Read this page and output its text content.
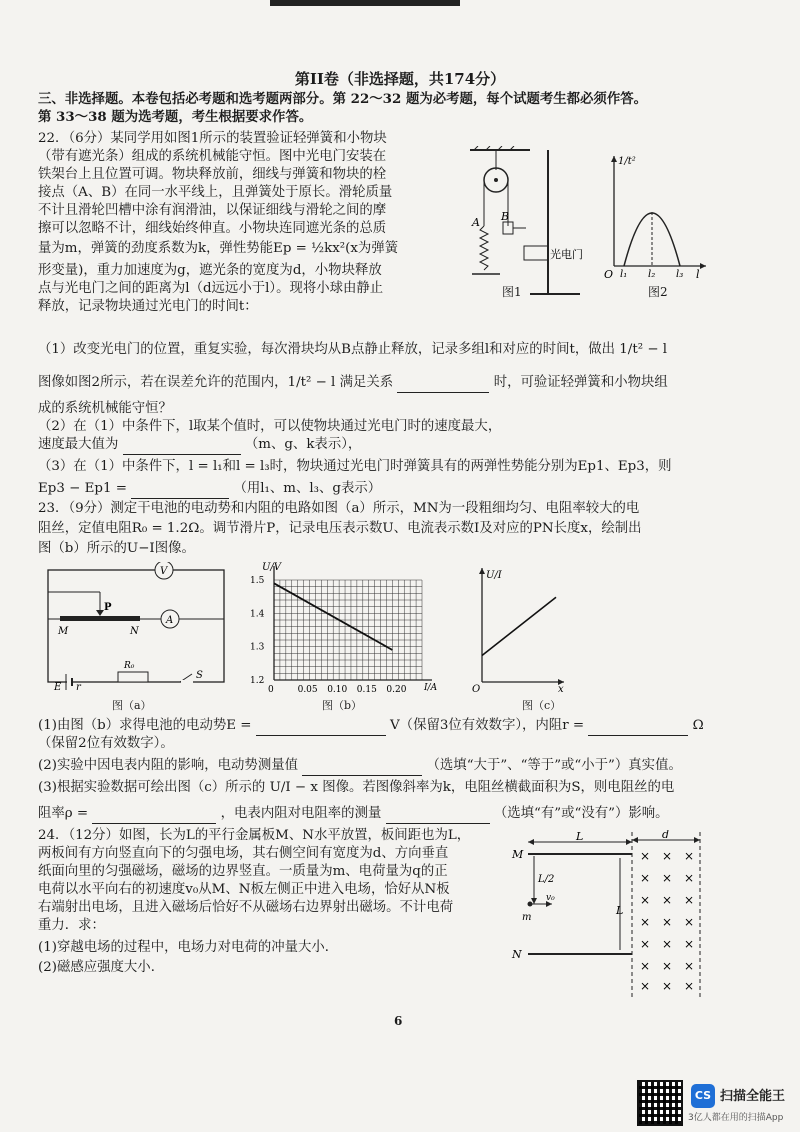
第II卷（非选择题，共174分）
三、非选择题。本卷包括必考题和选考题两部分。第 22～32 题为必考题，每个试题考生都必须作答。
第 33～38 题为选考题，考生根据要求作答。
22．（6分）某同学用如图1所示的装置验证轻弹簧和小物块
（带有遮光条）组成的系统机械能守恒。图中光电门安装在
铁架台上且位置可调。物块释放前，细线与弹簧和物块的栓
接点（A、B）在同一水平线上，且弹簧处于原长。滑轮质量
不计且滑轮凹槽中涂有润滑油，以保证细线与滑轮之间的摩
擦可以忽略不计，细线始终伸直。小物块连同遮光条的总质
量为m，弹簧的劲度系数为k，弹性势能Ep = ½kx²(x为弹簧
形变量)，重力加速度为g，遮光条的宽度为d，小物块释放
点与光电门之间的距离为l（d远远小于l）。现将小球由静止
释放，记录物块通过光电门的时间t：
A B
光电门
图1
O l₁ l₂ l₃ l
1/t²
图2
（1）改变光电门的位置，重复实验，每次滑块均从B点静止释放，记录多组l和对应的时间t，做出 1/t² − l
图像如图2所示，若在误差允许的范围内，1/t² − l 满足关系	时，可验证轻弹簧和小物块组
成的系统机械能守恒？
（2）在（1）中条件下，l取某个值时，可以使物块通过光电门时的速度最大，
速度最大值为	（m、g、k表示），
（3）在（1）中条件下，l = l₁和l = l₃时，物块通过光电门时弹簧具有的两弹性势能分别为Ep1、Ep3，则
Ep3 − Ep1 =	（用l₁、m、l₃、g表示）
23．（9分）测定干电池的电动势和内阻的电路如图（a）所示，MN为一段粗细均匀、电阻率较大的电
阻丝，定值电阻R₀ = 1.2Ω。调节滑片P，记录电压表示数U、电流表示数I及对应的PN长度x，绘制出
图（b）所示的U−I图像。
V
A
P
M	N
R₀
S
E r
图（a）
1.5
1.4
1.3
1.2
0	0.05 0.10 0.15 0.20
U/V
I/A
图（b）
U/I
x
O
图（c）
(1)由图（b）求得电池的电动势E =	V（保留3位有效数字），内阻r =	Ω
（保留2位有效数字）。
(2)实验中因电表内阻的影响，电动势测量值	（选填“大于”、“等于”或“小于”）真实值。
(3)根据实验数据可绘出图（c）所示的 U/I − x 图像。若图像斜率为k，电阻丝横截面积为S，则电阻丝的电
阻率ρ =	，电表内阻对电阻率的测量	（选填“有”或“没有”）影响。
24．（12分）如图，长为L的平行金属板M、N水平放置，板间距也为L，
两板间有方向竖直向下的匀强电场，其右侧空间有宽度为d、方向垂直
纸面向里的匀强磁场，磁场的边界竖直。一质量为m、电荷量为q的正
电荷以水平向右的初速度v₀从M、N板左侧正中进入电场，恰好从N板
右端射出电场，且进入磁场后恰好不从磁场右边界射出磁场。不计电荷
重力．求：
(1)穿越电场的过程中，电场力对电荷的冲量大小．
(2)磁感应强度大小．
M
N
L
L/2
v₀
m
L
d
× × ×
× × ×
× × ×
× × ×
× × ×
× × ×
× × ×
6
CS 扫描全能王
3亿人都在用的扫描App
